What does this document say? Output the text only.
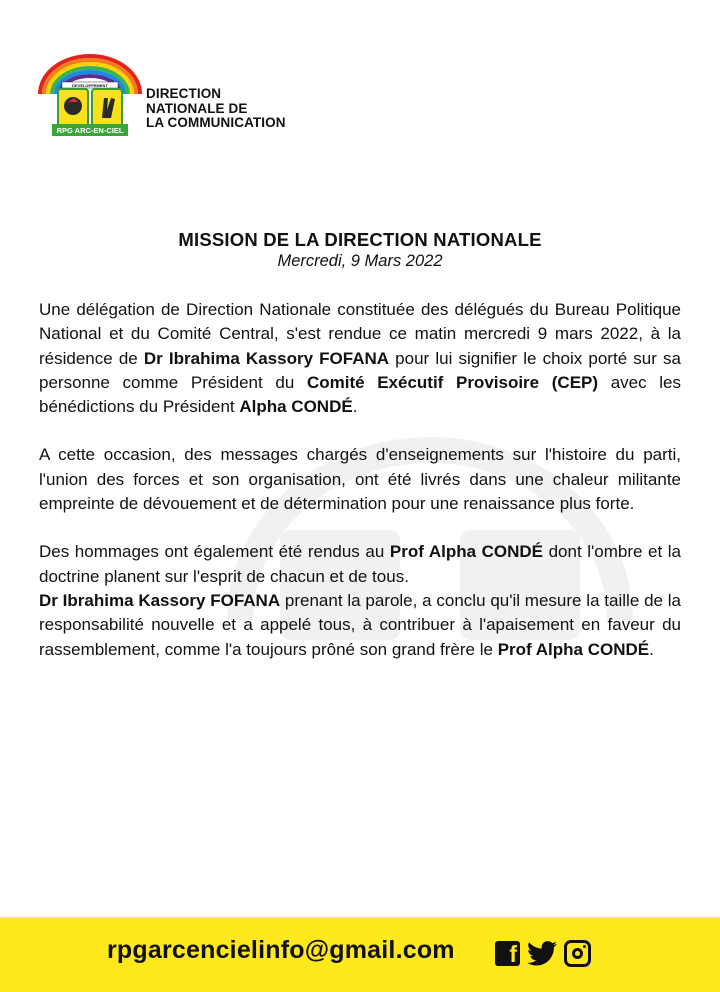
DEVELOPPEMENT
RPG ARC-EN-CIEL
DIRECTION
NATIONALE DE
LA COMMUNICATION
MISSION DE LA DIRECTION NATIONALE
Mercredi, 9 Mars 2022

Une délégation de Direction Nationale constituée des délégués du Bureau Politique National et du Comité Central, s'est rendue ce matin mercredi 9 mars 2022, à la résidence de Dr Ibrahima Kassory FOFANA pour lui signifier le choix porté sur sa personne comme Président du Comité Exécutif Provisoire (CEP) avec les bénédictions du Président Alpha CONDÉ.

A cette occasion, des messages chargés d'enseignements sur l'histoire du parti, l'union des forces et son organisation, ont été livrés dans une chaleur militante empreinte de dévouement et de détermination pour une renaissance plus forte.

Des hommages ont également été rendus au Prof Alpha CONDÉ dont l'ombre et la doctrine planent sur l'esprit de chacun et de tous.

Dr Ibrahima Kassory FOFANA prenant la parole, a conclu qu'il mesure la taille de la responsabilité nouvelle et a appelé tous, à contribuer à l'apaisement en faveur du rassemblement, comme l'a toujours prôné son grand frère le Prof Alpha CONDÉ.

rpgarcencielinfo@gmail.com f
